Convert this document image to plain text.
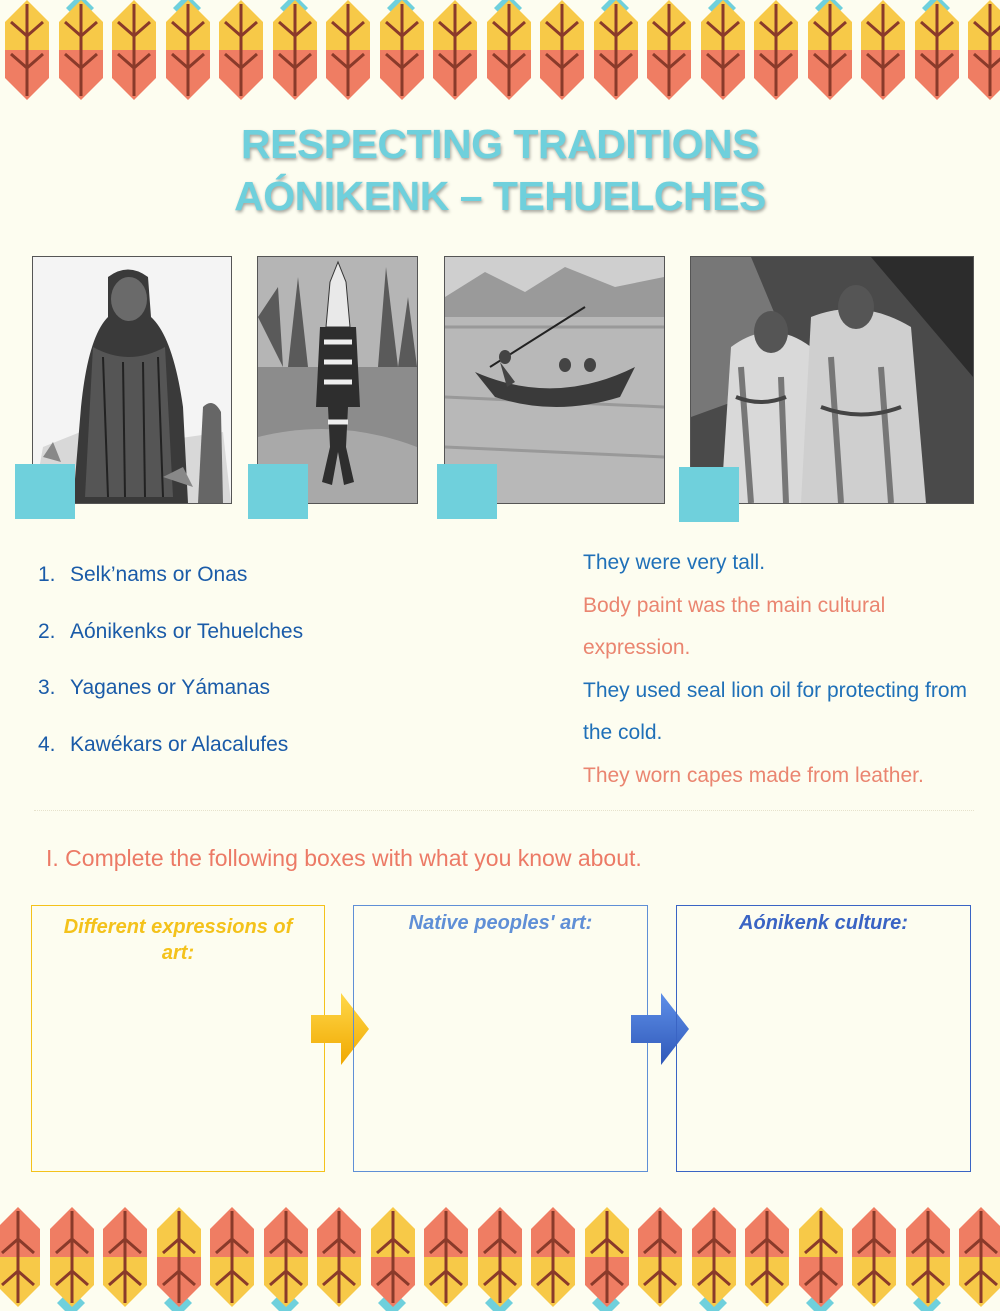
RESPECTING TRADITIONS
AÓNIKENK – TEHUELCHES
1. Selk’nams or Onas
2. Aónikenks or Tehuelches
3. Yaganes or Yámanas
4. Kawékars or Alacalufes
They were very tall.
Body paint was the main cultural expression.
They used seal lion oil for protecting from the cold.
They worn capes made from leather.
I. Complete the following boxes with what you know about.
Different expressions of art:
Native peoples' art:	Aónikenk culture:
